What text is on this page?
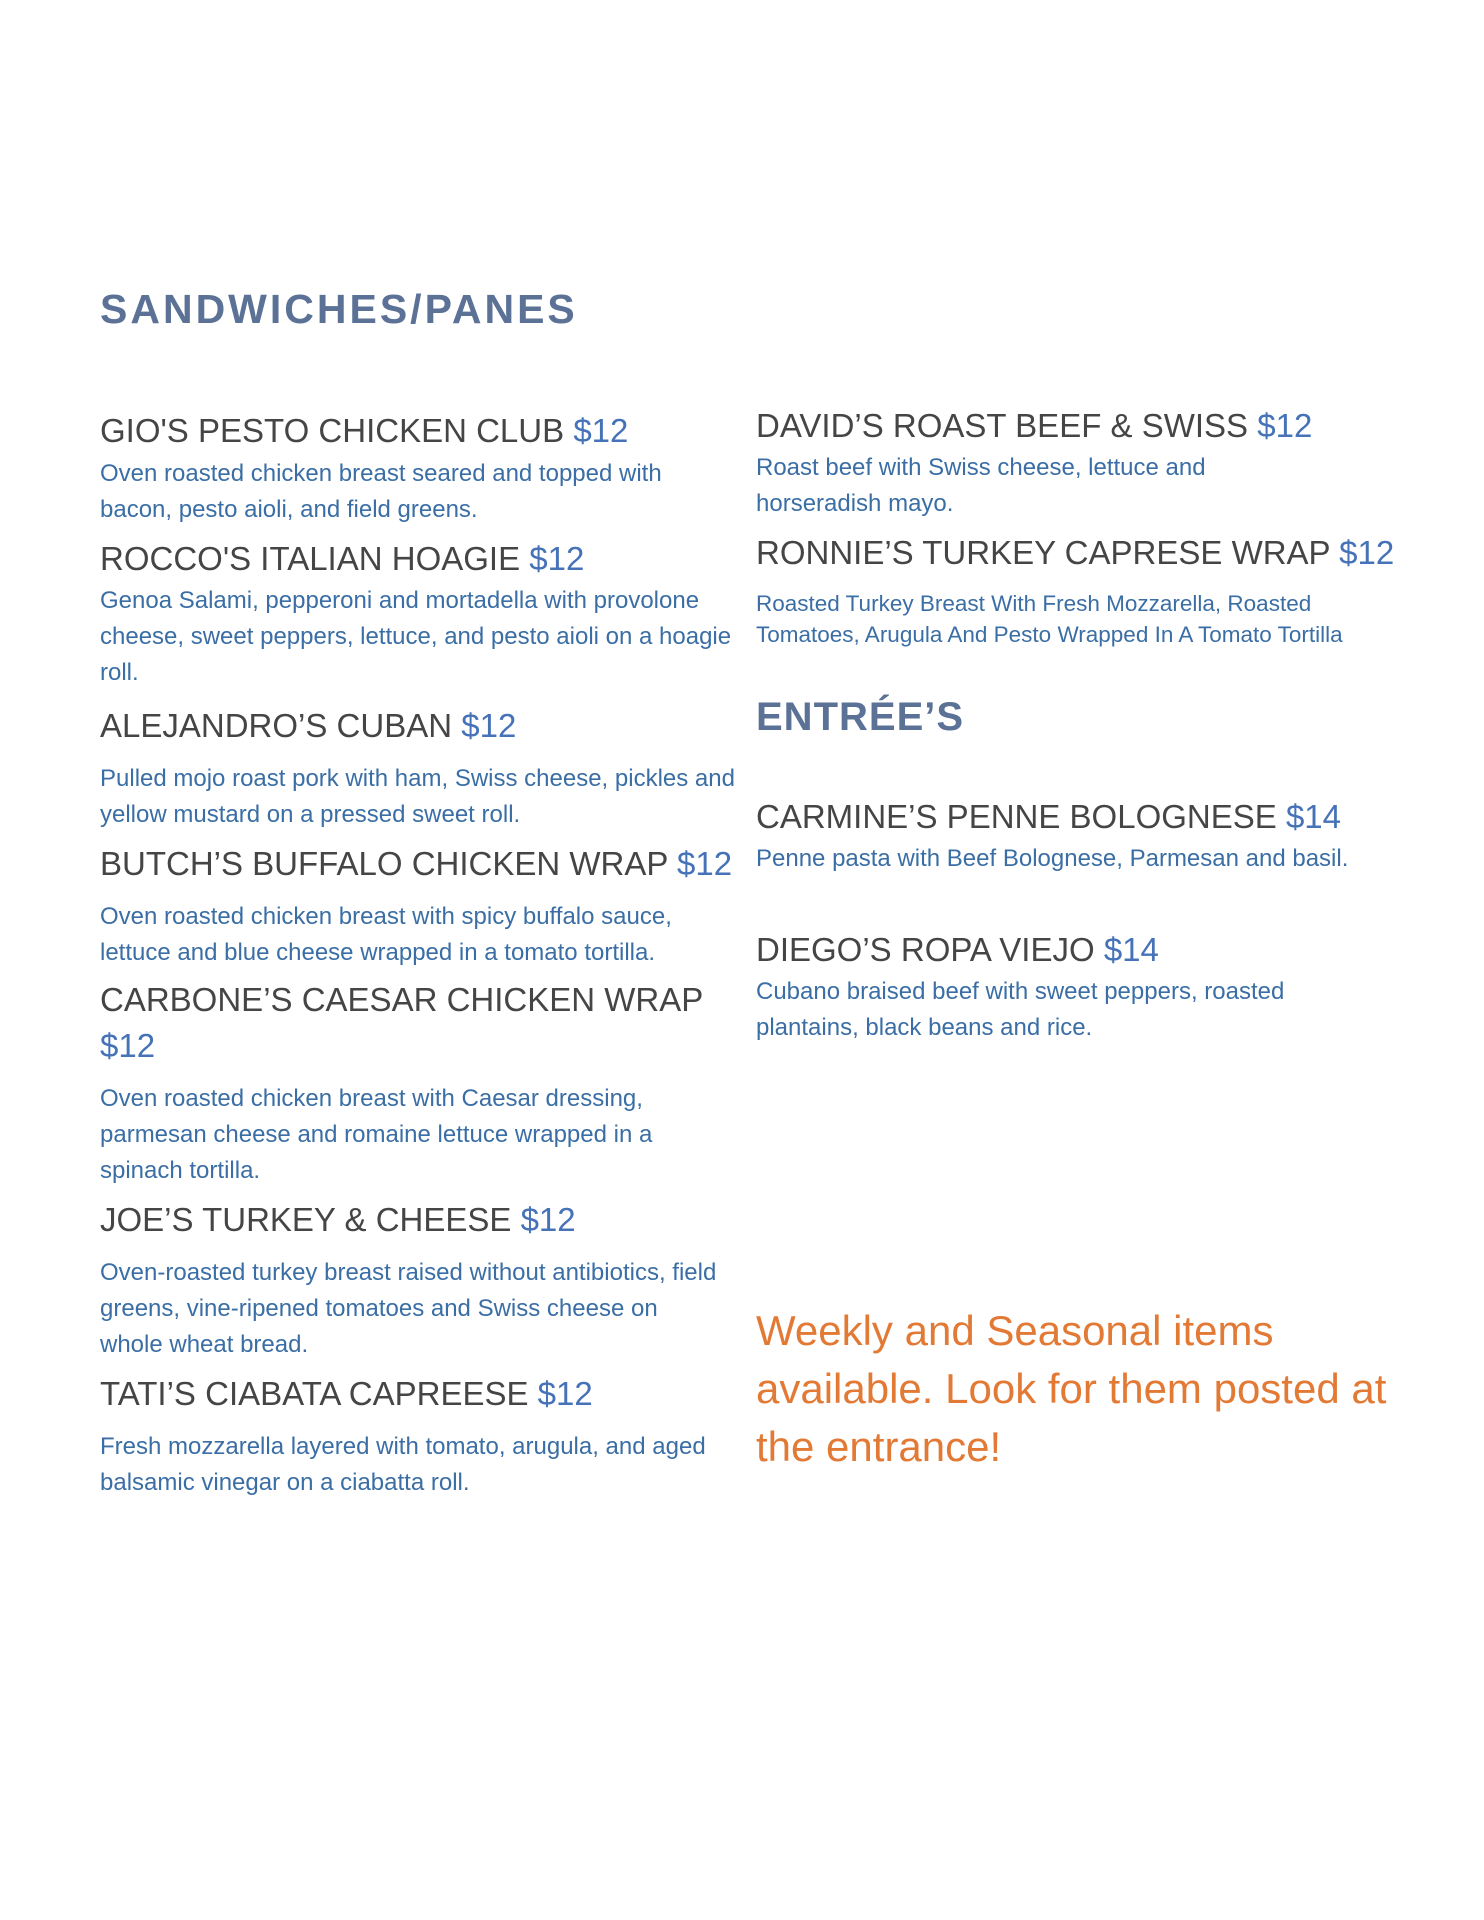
SANDWICHES/PANES

GIO'S PESTO CHICKEN CLUB $12

Oven roasted chicken breast seared and topped with bacon, pesto aioli, and field greens.

ROCCO'S ITALIAN HOAGIE $12

Genoa Salami, pepperoni and mortadella with provolone cheese, sweet peppers, lettuce, and pesto aioli on a hoagie roll.

ALEJANDRO’S CUBAN $12

Pulled mojo roast pork with ham, Swiss cheese, pickles and yellow mustard on a pressed sweet roll.

BUTCH’S BUFFALO CHICKEN WRAP $12

Oven roasted chicken breast with spicy buffalo sauce, lettuce and blue cheese wrapped in a tomato tortilla.

CARBONE’S CAESAR CHICKEN WRAP $12

Oven roasted chicken breast with Caesar dressing, parmesan cheese and romaine lettuce wrapped in a spinach tortilla.

JOE’S TURKEY & CHEESE $12

Oven-roasted turkey breast raised without antibiotics, field greens, vine-ripened tomatoes and Swiss cheese on whole wheat bread.

TATI’S CIABATA CAPREESE $12

Fresh mozzarella layered with tomato, arugula, and aged balsamic vinegar on a ciabatta roll.

DAVID’S ROAST BEEF & SWISS $12

Roast beef with Swiss cheese, lettuce and horseradish mayo.

RONNIE’S TURKEY CAPRESE WRAP $12

Roasted Turkey Breast With Fresh Mozzarella, Roasted Tomatoes, Arugula And Pesto Wrapped In A Tomato Tortilla

ENTRÉE’S

CARMINE’S PENNE BOLOGNESE $14

Penne pasta with Beef Bolognese, Parmesan and basil.

DIEGO’S ROPA VIEJO $14

Cubano braised beef with sweet peppers, roasted plantains, black beans and rice.

Weekly and Seasonal items available. Look for them posted at the entrance!
